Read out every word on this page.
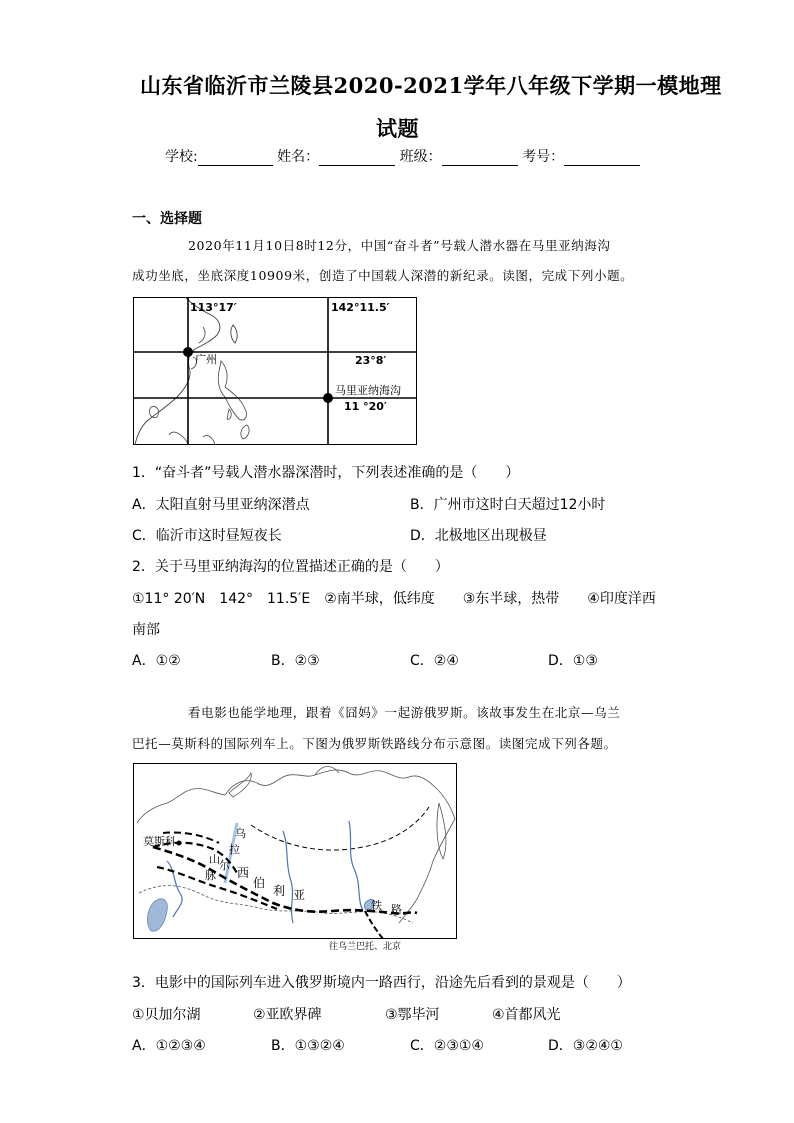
山东省临沂市兰陵县2020-2021学年八年级下学期一模地理
试题
学校:	姓名：	班级：	考号：
一、选择题
2020年11月10日8时12分，中国“奋斗者”号载人潜水器在马里亚纳海沟
成功坐底，坐底深度10909米，创造了中国载人深潜的新纪录。读图，完成下列小题。
113°17′	142°11.5′
广州	23°8′
马里亚纳海沟
11 °20′
1．“奋斗者”号载人潜水器深潜时，下列表述准确的是（　　）
A．太阳直射马里亚纳深潜点	B．广州市这时白天超过12小时
C．临沂市这时昼短夜长	D．北极地区出现极昼
2．关于马里亚纳海沟的位置描述正确的是（　　）
①11° 20′N　142°　11.5′E　②南半球，低纬度　　③东半球，热带　　④印度洋西
南部
A．①②	B．②③	C．②④	D．①③
看电影也能学地理，跟着《囧妈》一起游俄罗斯。该故事发生在北京—乌兰
巴托—莫斯科的国际列车上。下图为俄罗斯铁路线分布示意图。读图完成下列各题。
莫斯科
乌
拉
尔
山
脉 西
伯
利 亚
铁 路
往乌兰巴托、北京
3．电影中的国际列车进入俄罗斯境内一路西行，沿途先后看到的景观是（　　）
①贝加尔湖	②亚欧界碑	③鄂毕河	④首都风光
A．①②③④	B．①③②④	C．②③①④	D．③②④①
